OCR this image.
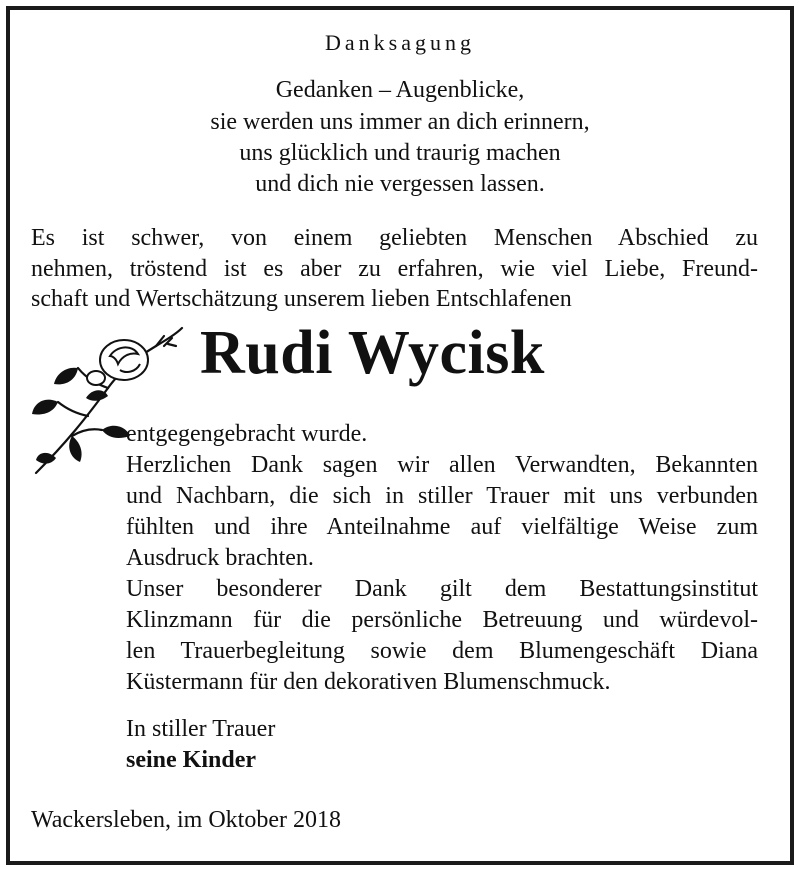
Danksagung
Gedanken – Augenblicke,
sie werden uns immer an dich erinnern,
uns glücklich und traurig machen
und dich nie vergessen lassen.
Es ist schwer, von einem geliebten Menschen Abschied zu
nehmen, tröstend ist es aber zu erfahren, wie viel Liebe, Freund-
schaft und Wertschätzung unserem lieben Entschlafenen
Rudi Wycisk
entgegengebracht wurde.
Herzlichen Dank sagen wir allen Verwandten, Bekannten
und Nachbarn, die sich in stiller Trauer mit uns verbunden
fühlten und ihre Anteilnahme auf vielfältige Weise zum
Ausdruck brachten.
Unser besonderer Dank gilt dem Bestattungsinstitut
Klinzmann für die persönliche Betreuung und würdevol-
len Trauerbegleitung sowie dem Blumengeschäft Diana
Küstermann für den dekorativen Blumenschmuck.
In stiller Trauer
seine Kinder
Wackersleben, im Oktober 2018
